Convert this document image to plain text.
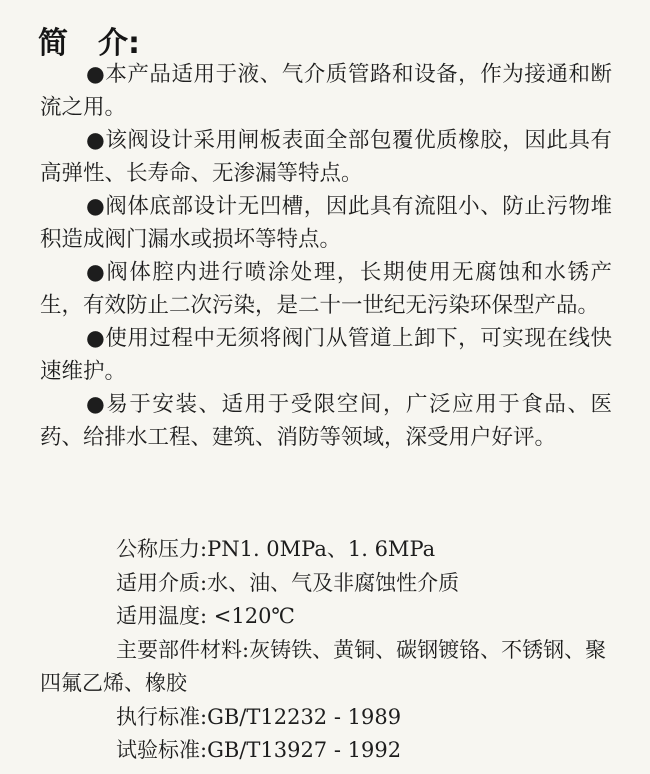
简　介:

●本产品适用于液、气介质管路和设备，作为接通和断流之用。

●该阀设计采用闸板表面全部包覆优质橡胶，因此具有高弹性、长寿命、无渗漏等特点。

●阀体底部设计无凹槽，因此具有流阻小、防止污物堆积造成阀门漏水或损坏等特点。

●阀体腔内进行喷涂处理，长期使用无腐蚀和水锈产生，有效防止二次污染，是二十一世纪无污染环保型产品。

●使用过程中无须将阀门从管道上卸下，可实现在线快速维护。

●易于安装、适用于受限空间，广泛应用于食品、医药、给排水工程、建筑、消防等领域，深受用户好评。

公称压力:PN1. 0MPa、1. 6MPa

适用介质:水、油、气及非腐蚀性介质

适用温度: <120℃

主要部件材料:灰铸铁、黄铜、碳钢镀铬、不锈钢、聚四氟乙烯、橡胶

执行标准:GB/T12232 - 1989

试验标准:GB/T13927 - 1992
